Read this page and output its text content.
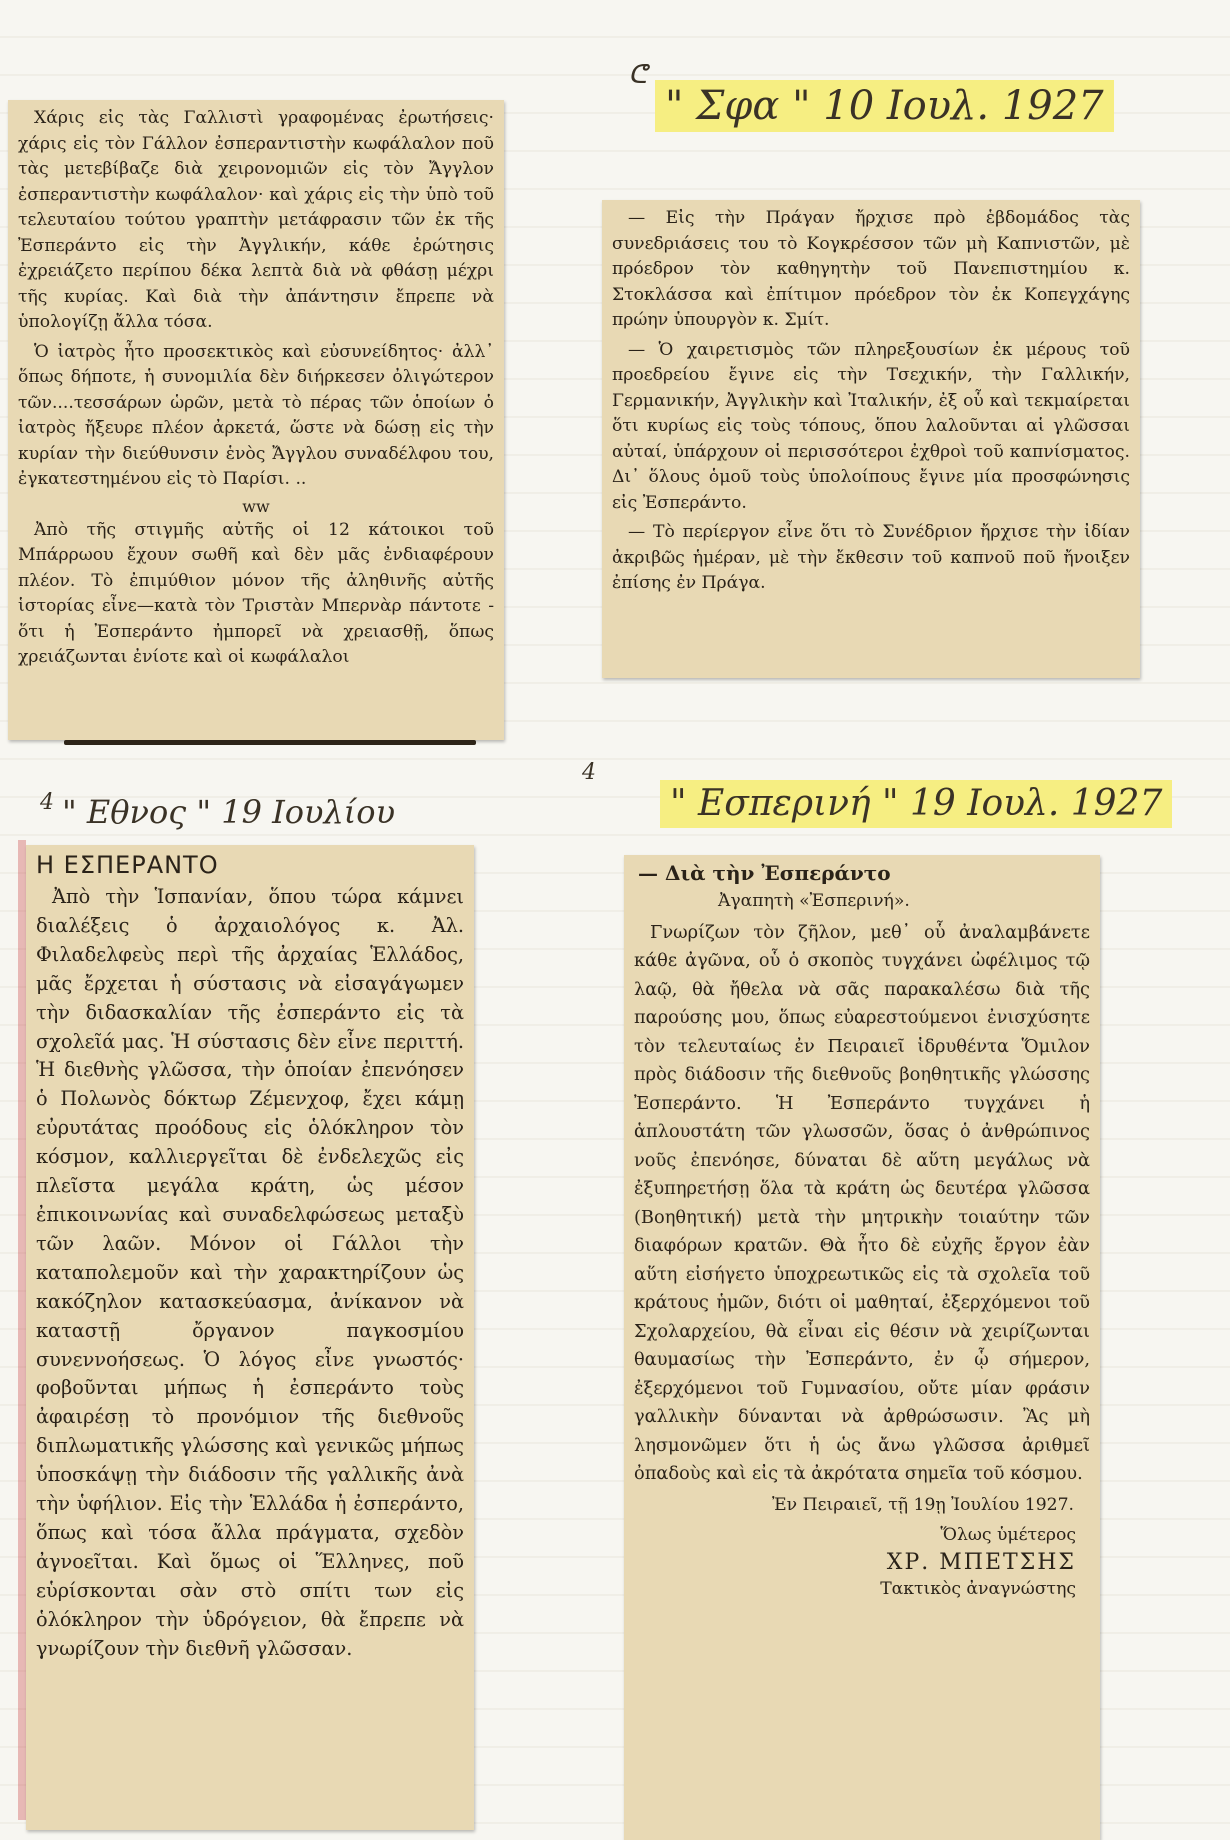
" Σφα " 10 Ιουλ. 1927
ᕦ
" Εθνος " 19 Ιουλίου
4	" Εσπερινή " 19 Ιουλ. 1927
4

Χάρις εἰς τὰς Γαλλιστὶ γραφομένας ἐρωτήσεις· χάρις εἰς τὸν Γάλλον ἐσπεραντιστὴν κωφάλαλον ποῦ τὰς μετεβίβαζε διὰ χειρονομιῶν εἰς τὸν Ἄγγλον ἐσπεραντιστὴν κωφάλαλον· καὶ χάρις εἰς τὴν ὑπὸ τοῦ τελευταίου τούτου γραπτὴν μετάφρασιν τῶν ἐκ τῆς Ἐσπεράντο εἰς τὴν Ἀγγλικήν, κάθε ἐρώτησις ἐχρειάζετο περίπου δέκα λεπτὰ διὰ νὰ φθάσῃ μέχρι τῆς κυρίας. Καὶ διὰ τὴν ἀπάντησιν ἔπρεπε νὰ ὑπολογίζῃ ἄλλα τόσα.

Ὁ ἰατρὸς ἦτο προσεκτικὸς καὶ εὐσυνείδητος· ἀλλ᾽ ὅπως δήποτε, ἡ συνομιλία δὲν διήρκεσεν ὀλιγώτερον τῶν....τεσσάρων ὡρῶν, μετὰ τὸ πέρας τῶν ὁποίων ὁ ἰατρὸς ἤξευρε πλέον ἀρκετά, ὥστε νὰ δώσῃ εἰς τὴν κυρίαν τὴν διεύθυνσιν ἑνὸς Ἄγγλου συναδέλφου του, ἐγκατεστημένου εἰς τὸ Παρίσι. ..

ww

Ἀπὸ τῆς στιγμῆς αὐτῆς οἱ 12 κάτοικοι τοῦ Μπάρρωου ἔχουν σωθῆ καὶ δὲν μᾶς ἐνδιαφέρουν πλέον. Τὸ ἐπιμύθιον μόνον τῆς ἀληθινῆς αὐτῆς ἱστορίας εἶνε—κατὰ τὸν Τριστὰν Μπερνὰρ πάντοτε - ὅτι ἡ Ἐσπεράντο ἠμπορεῖ νὰ χρειασθῇ, ὅπως χρειάζωνται ἐνίοτε καὶ οἱ κωφάλαλοι

— Εἰς τὴν Πράγαν ἤρχισε πρὸ ἑβδομάδος τὰς συνεδριάσεις του τὸ Κογκρέσσον τῶν μὴ Καπνιστῶν, μὲ πρόεδρον τὸν καθηγητὴν τοῦ Πανεπιστημίου κ. Στοκλάσσα καὶ ἐπίτιμον πρόεδρον τὸν ἐκ Κοπεγχάγης πρώην ὑπουργὸν κ. Σμίτ.

— Ὁ χαιρετισμὸς τῶν πληρεξουσίων ἐκ μέρους τοῦ προεδρείου ἔγινε εἰς τὴν Τσεχικήν, τὴν Γαλλικήν, Γερμανικήν, Ἀγγλικὴν καὶ Ἰταλικήν, ἐξ οὗ καὶ τεκμαίρεται ὅτι κυρίως εἰς τοὺς τόπους, ὅπου λαλοῦνται αἱ γλῶσσαι αὐταί, ὑπάρχουν οἱ περισσότεροι ἐχθροὶ τοῦ καπνίσματος. Δι᾽ ὅλους ὁμοῦ τοὺς ὑπολοίπους ἔγινε μία προσφώνησις εἰς Ἐσπεράντο.

— Τὸ περίεργον εἶνε ὅτι τὸ Συνέδριον ἤρχισε τὴν ἰδίαν ἀκριβῶς ἡμέραν, μὲ τὴν ἔκθεσιν τοῦ καπνοῦ ποῦ ἤνοιξεν ἐπίσης ἐν Πράγα.

Η ΕΣΠΕΡΑΝΤΟ

Ἀπὸ τὴν Ἱσπανίαν, ὅπου τώρα κάμνει διαλέξεις ὁ ἀρχαιολόγος κ. Ἀλ. Φιλαδελφεὺς περὶ τῆς ἀρχαίας Ἑλλάδος, μᾶς ἔρχεται ἡ σύστασις νὰ εἰσαγάγωμεν τὴν διδασκαλίαν τῆς ἐσπεράντο εἰς τὰ σχολεῖά μας. Ἡ σύστασις δὲν εἶνε περιττή. Ἡ διεθνὴς γλῶσσα, τὴν ὁποίαν ἐπενόησεν ὁ Πολωνὸς δόκτωρ Ζέμενχοφ, ἔχει κάμῃ εὐρυτάτας προόδους εἰς ὁλόκληρον τὸν κόσμον, καλλιεργεῖται δὲ ἐνδελεχῶς εἰς πλεῖστα μεγάλα κράτη, ὡς μέσον ἐπικοινωνίας καὶ συναδελφώσεως μεταξὺ τῶν λαῶν. Μόνον οἱ Γάλλοι τὴν καταπολεμοῦν καὶ τὴν χαρακτηρίζουν ὡς κακόζηλον κατασκεύασμα, ἀνίκανον νὰ καταστῇ ὄργανον παγκοσμίου συνεννοήσεως. Ὁ λόγος εἶνε γνωστός· φοβοῦνται μήπως ἡ ἐσπεράντο τοὺς ἀφαιρέσῃ τὸ προνόμιον τῆς διεθνοῦς διπλωματικῆς γλώσσης καὶ γενικῶς μήπως ὑποσκάψῃ τὴν διάδοσιν τῆς γαλλικῆς ἀνὰ τὴν ὑφήλιον. Εἰς τὴν Ἑλλάδα ἡ ἐσπεράντο, ὅπως καὶ τόσα ἄλλα πράγματα, σχεδὸν ἀγνοεῖται. Καὶ ὅμως οἱ Ἕλληνες, ποῦ εὑρίσκονται σὰν στὸ σπίτι των εἰς ὁλόκληρον τὴν ὑδρόγειον, θὰ ἔπρεπε νὰ γνωρίζουν τὴν διεθνῆ γλῶσσαν.

— Διὰ τὴν Ἐσπεράντο

Ἀγαπητὴ «Ἐσπερινή».

Γνωρίζων τὸν ζῆλον, μεθ᾽ οὗ ἀναλαμβάνετε κάθε ἀγῶνα, οὗ ὁ σκοπὸς τυγχάνει ὠφέλιμος τῷ λαῷ, θὰ ἤθελα νὰ σᾶς παρακαλέσω διὰ τῆς παρούσης μου, ὅπως εὐαρεστούμενοι ἐνισχύσητε τὸν τελευταίως ἐν Πειραιεῖ ἱδρυθέντα Ὅμιλον πρὸς διάδοσιν τῆς διεθνοῦς βοηθητικῆς γλώσσης Ἐσπεράντο. Ἡ Ἐσπεράντο τυγχάνει ἡ ἁπλουστάτη τῶν γλωσσῶν, ὅσας ὁ ἀνθρώπινος νοῦς ἐπενόησε, δύναται δὲ αὕτη μεγάλως νὰ ἐξυπηρετήσῃ ὅλα τὰ κράτη ὡς δευτέρα γλῶσσα (Βοηθητική) μετὰ τὴν μητρικὴν τοιαύτην τῶν διαφόρων κρατῶν. Θὰ ἦτο δὲ εὐχῆς ἔργον ἐὰν αὕτη εἰσήγετο ὑποχρεωτικῶς εἰς τὰ σχολεῖα τοῦ κράτους ἡμῶν, διότι οἱ μαθηταί, ἐξερχόμενοι τοῦ Σχολαρχείου, θὰ εἶναι εἰς θέσιν νὰ χειρίζωνται θαυμασίως τὴν Ἐσπεράντο, ἐν ᾧ σήμερον, ἐξερχόμενοι τοῦ Γυμνασίου, οὔτε μίαν φράσιν γαλλικὴν δύνανται νὰ ἀρθρώσωσιν. Ἂς μὴ λησμονῶμεν ὅτι ἡ ὡς ἄνω γλῶσσα ἀριθμεῖ ὀπαδοὺς καὶ εἰς τὰ ἀκρότατα σημεῖα τοῦ κόσμου.

Ἐν Πειραιεῖ, τῇ 19ῃ Ἰουλίου 1927.

Ὅλως ὑμέτερος
ΧΡ. ΜΠΕΤΣΗΣ
Τακτικὸς ἀναγνώστης
